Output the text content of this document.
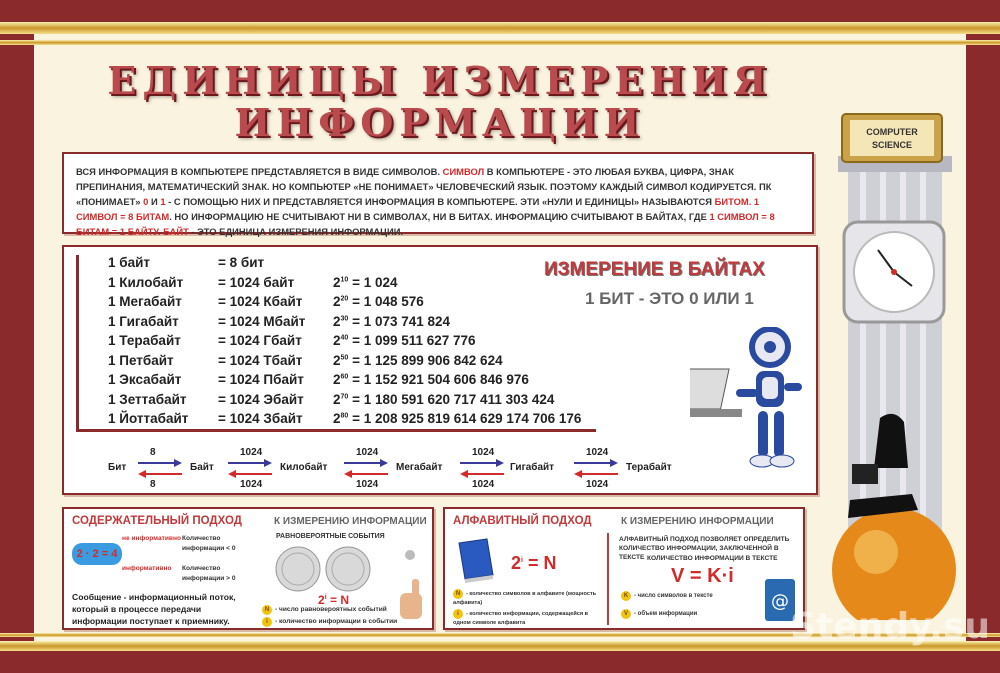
ЕДИНИЦЫ ИЗМЕРЕНИЯ
ИНФОРМАЦИИ
ВСЯ ИНФОРМАЦИЯ В КОМПЬЮТЕРЕ ПРЕДСТАВЛЯЕТСЯ В ВИДЕ СИМВОЛОВ. СИМВОЛ В КОМПЬЮТЕРЕ - ЭТО ЛЮБАЯ БУКВА, ЦИФРА, ЗНАК ПРЕПИНАНИЯ, МАТЕМАТИЧЕСКИЙ ЗНАК. НО КОМПЬЮТЕР «НЕ ПОНИМАЕТ» ЧЕЛОВЕЧЕСКИЙ ЯЗЫК. ПОЭТОМУ КАЖДЫЙ СИМВОЛ КОДИРУЕТСЯ. ПК «ПОНИМАЕТ» 0 И 1 - С ПОМОЩЬЮ НИХ И ПРЕДСТАВЛЯЕТСЯ ИНФОРМАЦИЯ В КОМПЬЮТЕРЕ. ЭТИ «НУЛИ И ЕДИНИЦЫ» НАЗЫВАЮТСЯ БИТОМ. 1 СИМВОЛ = 8 БИТАМ. НО ИНФОРМАЦИЮ НЕ СЧИТЫВАЮТ НИ В СИМВОЛАХ, НИ В БИТАХ. ИНФОРМАЦИЮ СЧИТЫВАЮТ В БАЙТАХ, ГДЕ 1 СИМВОЛ = 8 БИТАМ = 1 БАЙТУ. БАЙТ - ЭТО ЕДИНИЦА ИЗМЕРЕНИЯ ИНФОРМАЦИИ.
1 байт	= 8 бит
1 Килобайт	= 1024 байт	$2^{10} = 1$ 024
1 Мегабайт	= 1024 Кбайт	$2^{20} = 1$ 048 576
1 Гигабайт	= 1024 Мбайт	$2^{30} = 1$ 073 741 824
1 Терабайт	= 1024 Гбайт	$2^{40} = 1$ 099 511 627 776
1 Петбайт	= 1024 Тбайт	$2^{50} = 1$ 125 899 906 842 624
1 Эксабайт	= 1024 Пбайт	$2^{60} = 1$ 152 921 504 606 846 976
1 Зеттабайт	= 1024 Эбайт	$2^{70} = 1$ 180 591 620 717 411 303 424
1 Йоттабайт	= 1024 Збайт	$2^{80} = 1$ 208 925 819 614 629 174 706 176
ИЗМЕРЕНИЕ В БАЙТАХ
1 БИТ - ЭТО 0 ИЛИ 1
Бит	Байт	Килобайт	Мегабайт	Гигабайт	Терабайт
8
8
1024
1024
1024
1024
1024
1024
1024
1024
СОДЕРЖАТЕЛЬНЫЙ ПОДХОД	К ИЗМЕРЕНИЮ ИНФОРМАЦИИ
2 · 2 = 4
не информативно
информативно
Количество информации < 0
Количество информации > 0
РАВНОВЕРОЯТНЫЕ СОБЫТИЯ
$2^i = N$
Сообщение - информационный поток, который в процессе передачи информации поступает к приемнику.
N - число равновероятных событий
i - количество информации в событии
АЛФАВИТНЫЙ ПОДХОД	К ИЗМЕРЕНИЮ ИНФОРМАЦИИ
$2^i = N$
АЛФАВИТНЫЙ ПОДХОД ПОЗВОЛЯЕТ ОПРЕДЕЛИТЬ КОЛИЧЕСТВО ИНФОРМАЦИИ, ЗАКЛЮЧЕННОЙ В ТЕКСТЕ КОЛИЧЕСТВО ИНФОРМАЦИИ В ТЕКСТЕ
V = K·i
@
N - количество символов в алфавите (мощность алфавита)
i - количество информации, содержащейся в одном символе алфавита
K - число символов в тексте
V - объем информации
COMPUTER SCIENCE
Stendy.su
